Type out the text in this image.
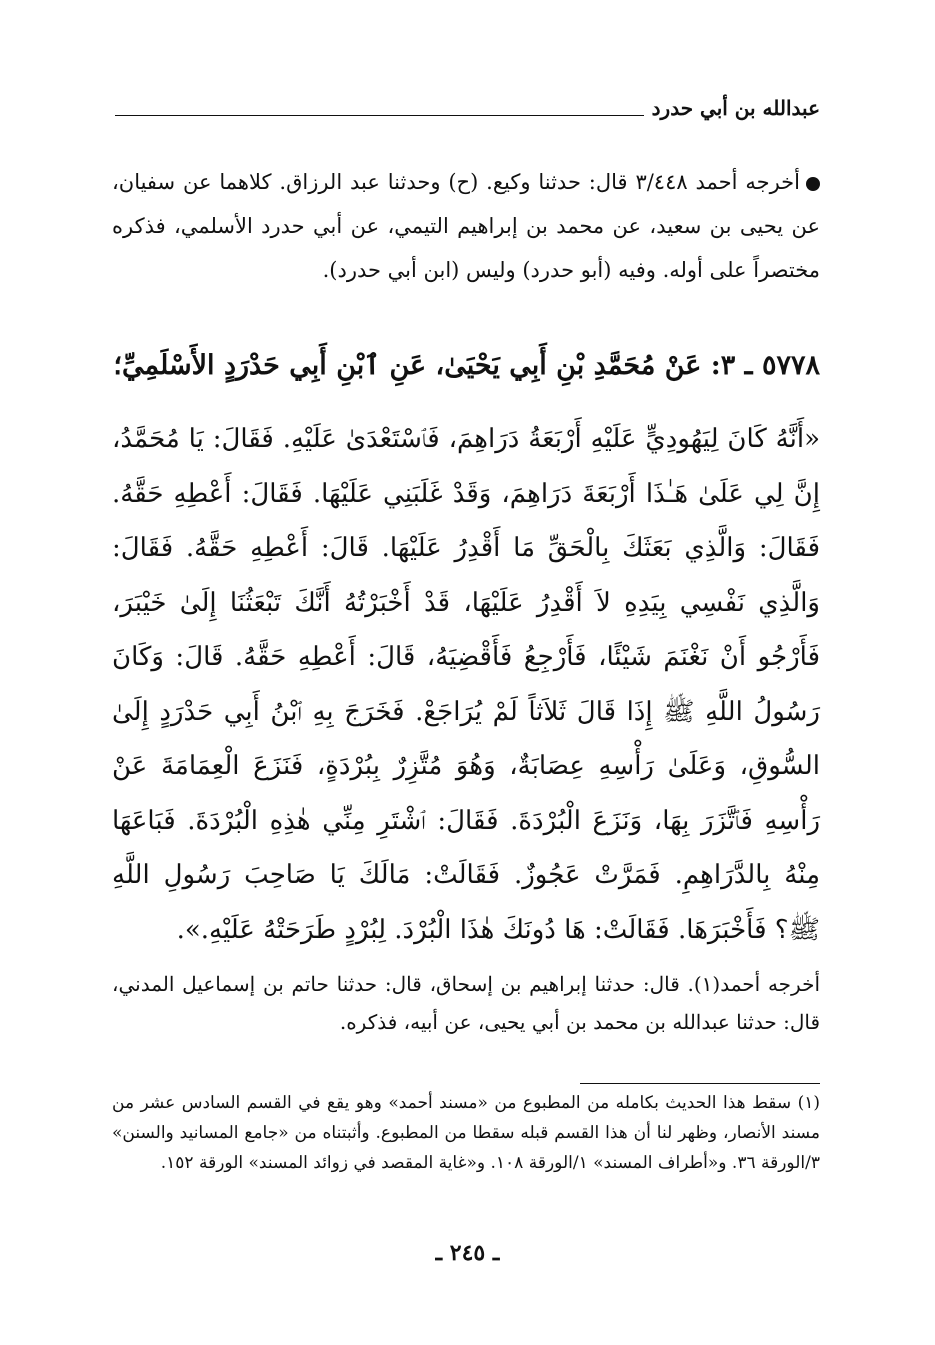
عبدالله بن أبي حدرد
أخرجه أحمد ٣/٤٤٨ قال: حدثنا وكيع. (ح) وحدثنا عبد الرزاق. كلاهما عن سفيان، عن يحيى بن سعيد، عن محمد بن إبراهيم التيمي، عن أبي حدرد الأسلمي، فذكره مختصراً على أوله. وفيه (أبو حدرد) وليس (ابن أبي حدرد).
٥٧٧٨ ـ ٣: عَنْ مُحَمَّدِ بْنِ أَبِي يَحْيَىٰ، عَنِ ٱبْنِ أَبِي حَدْرَدٍ الأَسْلَمِيِّ؛
«أَنَّهُ كَانَ لِيَهُودِيٍّ عَلَيْهِ أَرْبَعَةُ دَرَاهِمَ، فَٱسْتَعْدَىٰ عَلَيْهِ. فَقَالَ: يَا مُحَمَّدُ، إِنَّ لِي عَلَىٰ هَـٰذَا أَرْبَعَةَ دَرَاهِمَ، وَقَدْ غَلَبَنِي عَلَيْهَا. فَقَالَ: أَعْطِهِ حَقَّهُ. فَقَالَ: وَالَّذِي بَعَثَكَ بِالْحَقِّ مَا أَقْدِرُ عَلَيْهَا. قَالَ: أَعْطِهِ حَقَّهُ. فَقَالَ: وَالَّذِي نَفْسِي بِيَدِهِ لاَ أَقْدِرُ عَلَيْهَا، قَدْ أَخْبَرْتُهُ أَنَّكَ تَبْعَثُنَا إِلَىٰ خَيْبَرَ، فَأَرْجُو أَنْ نَغْنَمَ شَيْئًا، فَأَرْجِعُ فَأَقْضِيَهُ، قَالَ: أَعْطِهِ حَقَّهُ. قَالَ: وَكَانَ رَسُولُ اللَّهِ ﷺ إِذَا قَالَ ثَلاَثاً لَمْ يُرَاجَعْ. فَخَرَجَ بِهِ ٱبْنُ أَبِي حَدْرَدٍ إِلَىٰ السُّوقِ، وَعَلَىٰ رَأْسِهِ عِصَابَةٌ، وَهُوَ مُتَّزِرٌ بِبُرْدَةٍ، فَنَزَعَ الْعِمَامَةَ عَنْ رَأْسِهِ فَٱتَّزَرَ بِهَا، وَنَزَعَ الْبُرْدَةَ. فَقَالَ: ٱشْتَرِ مِنِّي هٰذِهِ الْبُرْدَةَ. فَبَاعَهَا مِنْهُ بِالدَّرَاهِمِ. فَمَرَّتْ عَجُوزٌ. فَقَالَتْ: مَالَكَ يَا صَاحِبَ رَسُولِ اللَّهِ ﷺ؟ فَأَخْبَرَهَا. فَقَالَتْ: هَا دُونَكَ هٰذَا الْبُرْدَ. لِبُرْدٍ طَرَحَتْهُ عَلَيْهِ.».
أخرجه أحمد(١). قال: حدثنا إبراهيم بن إسحاق، قال: حدثنا حاتم بن إسماعيل المدني، قال: حدثنا عبدالله بن محمد بن أبي يحيى، عن أبيه، فذكره.
(١) سقط هذا الحديث بكامله من المطبوع من «مسند أحمد» وهو يقع في القسم السادس عشر من مسند الأنصار، وظهر لنا أن هذا القسم قبله سقطا من المطبوع. وأثبتناه من «جامع المسانيد والسنن» ٣/الورقة ٣٦. و«أطراف المسند» ١/الورقة ١٠٨. و«غاية المقصد في زوائد المسند» الورقة ١٥٢.
ـ ٢٤٥ ـ
